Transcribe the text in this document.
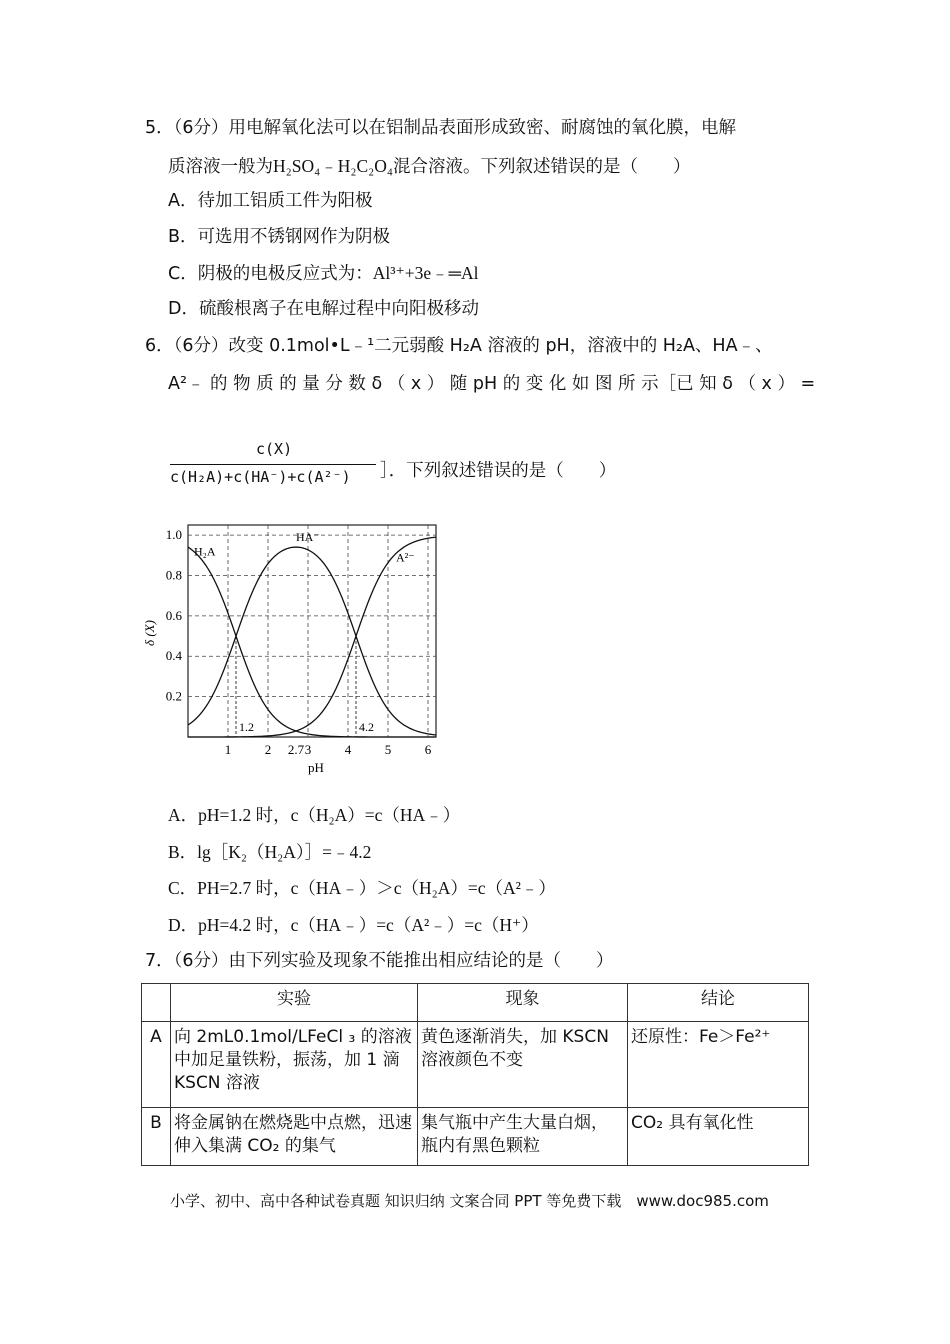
5．（6分）用电解氧化法可以在铝制品表面形成致密、耐腐蚀的氧化膜，电解
质溶液一般为H₂SO₄﹣H₂C₂O₄混合溶液。下列叙述错误的是（　　）
A．待加工铝质工件为阳极
B．可选用不锈钢网作为阴极
C．阴极的电极反应式为：Al³⁺+3e﹣═Al
D．硫酸根离子在电解过程中向阳极移动
6．（6分）改变 0.1mol•L﹣¹二元弱酸 H₂A 溶液的 pH，溶液中的 H₂A、HA﹣、
A²﹣ 的 物 质 的 量 分 数 δ （ x ） 随 pH 的 变 化 如 图 所 示［已 知 δ （ x ） =
c(X)
c(H₂A)+c(HA⁻)+c(A²⁻) ］．下列叙述错误的是（　　）
1	2 2.7 3	4	5	6
0.2
0.4
0.6
0.8
1.0
1.2	4.2
H₂A
HA⁻
A²⁻
δ (X)
pH
A．pH=1.2 时，c（H₂A）=c（HA﹣）
B．lg［K₂（H₂A）］=﹣4.2
C．PH=2.7 时，c（HA﹣）＞c（H₂A）=c（A²﹣）
D．pH=4.2 时，c（HA﹣）=c（A²﹣）=c（H⁺）
7．（6分）由下列实验及现象不能推出相应结论的是（　　）
	实验	现象	结论
A	向 2mL0.1mol/LFeCl ₃ 的溶液中加足量铁粉，振荡，加 1 滴 KSCN 溶液	黄色逐渐消失，加 KSCN 溶液颜色不变	还原性：Fe＞Fe²⁺
B	将金属钠在燃烧匙中点燃，迅速伸入集满 CO₂ 的集气	集气瓶中产生大量白烟，瓶内有黑色颗粒	CO₂ 具有氧化性
小学、初中、高中各种试卷真题 知识归纳 文案合同 PPT 等免费下载　www.doc985.com
